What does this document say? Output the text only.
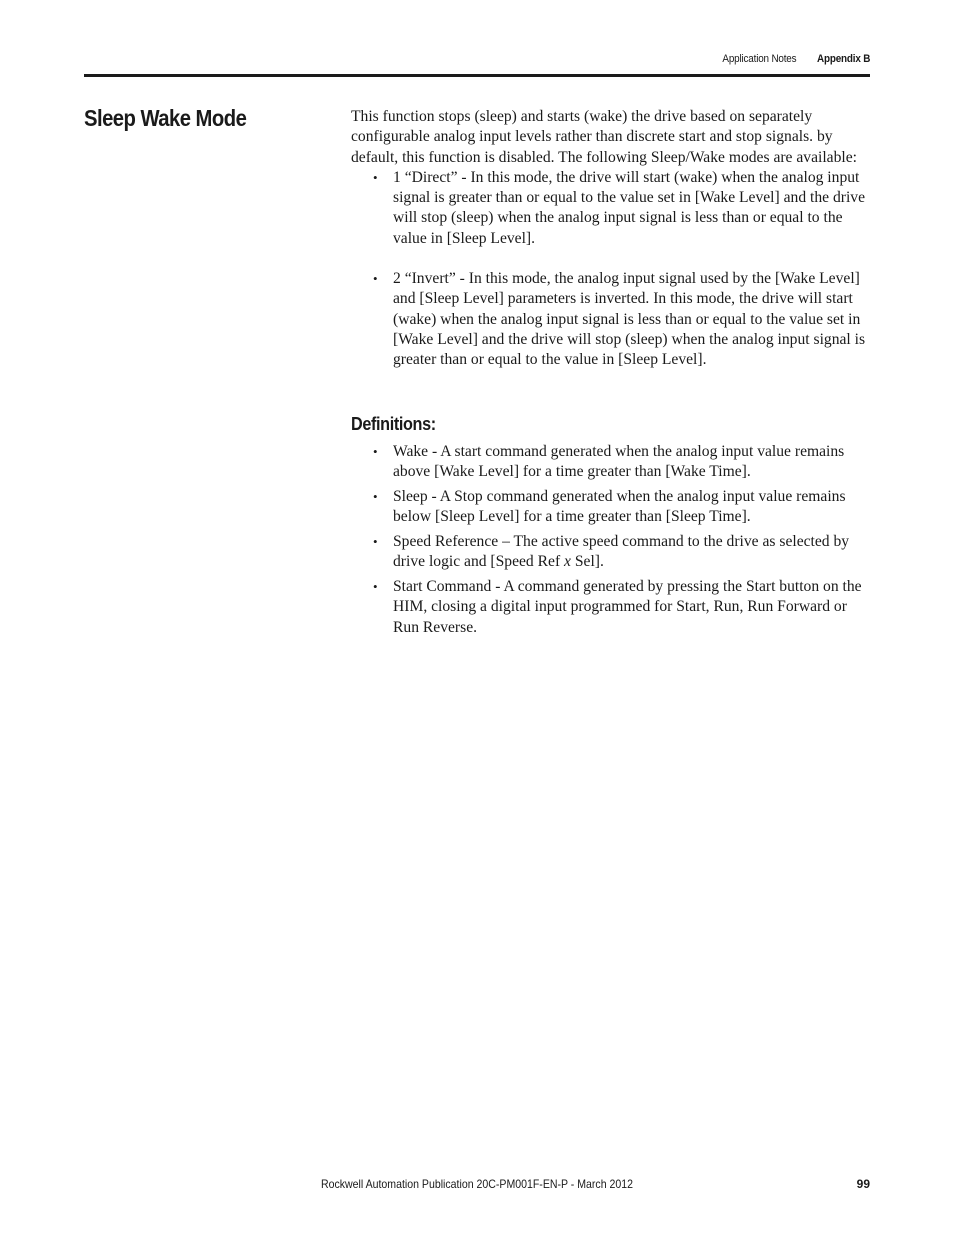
Application Notes Appendix B
Sleep Wake Mode	This function stops (sleep) and starts (wake) the drive based on separately configurable analog input levels rather than discrete start and stop signals. by default, this function is disabled. The following Sleep/Wake modes are available:

• 1 “Direct” - In this mode, the drive will start (wake) when the analog input signal is greater than or equal to the value set in [Wake Level] and the drive will stop (sleep) when the analog input signal is less than or equal to the value in [Sleep Level].
• 2 “Invert” - In this mode, the analog input signal used by the [Wake Level] and [Sleep Level] parameters is inverted. In this mode, the drive will start (wake) when the analog input signal is less than or equal to the value set in [Wake Level] and the drive will stop (sleep) when the analog input signal is greater than or equal to the value in [Sleep Level].
Definitions:
• Wake - A start command generated when the analog input value remains above [Wake Level] for a time greater than [Wake Time].
• Sleep - A Stop command generated when the analog input value remains below [Sleep Level] for a time greater than [Sleep Time].
• Speed Reference – The active speed command to the drive as selected by drive logic and [Speed Ref x Sel].
• Start Command - A command generated by pressing the Start button on the HIM, closing a digital input programmed for Start, Run, Run Forward or Run Reverse.
Rockwell Automation Publication 20C-PM001F-EN-P - March 2012	99
